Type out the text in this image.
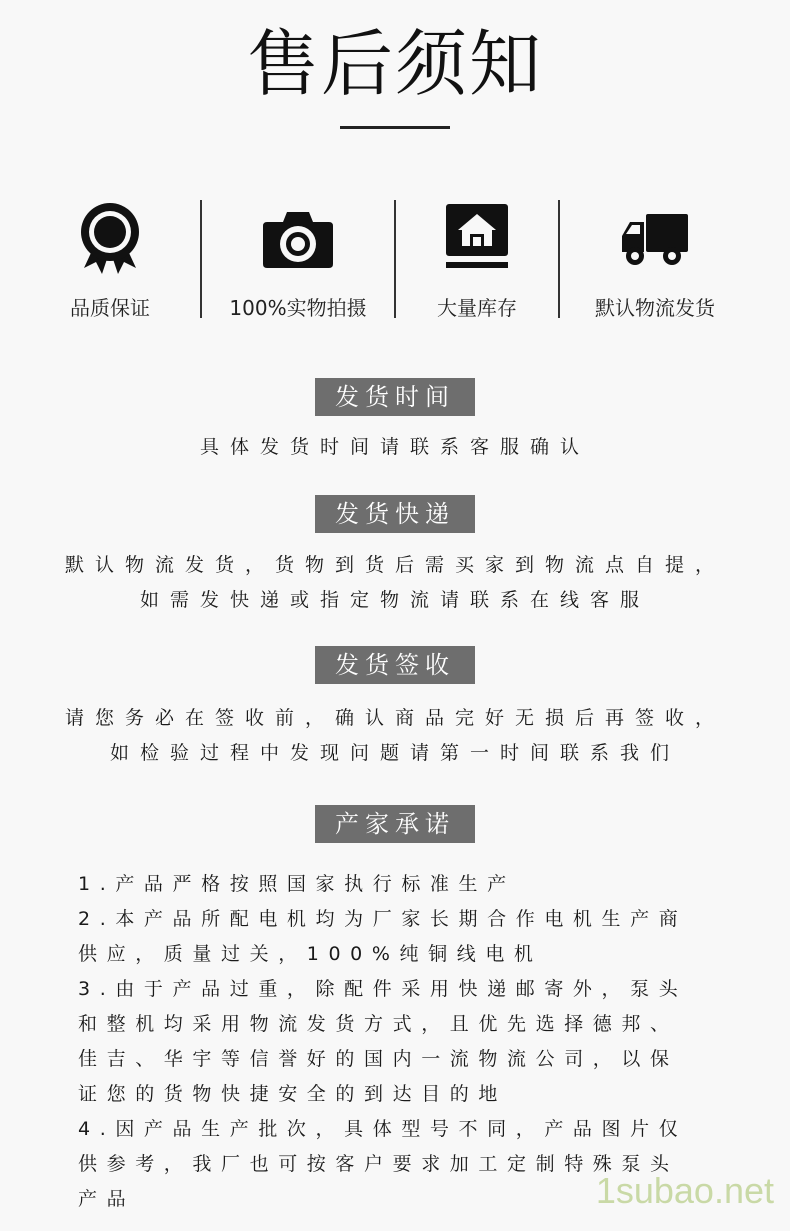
售后须知
品质保证	100%实物拍摄	大量库存	默认物流发货
发货时间
具体发货时间请联系客服确认
发货快递
默认物流发货，货物到货后需买家到物流点自提，
如需发快递或指定物流请联系在线客服
发货签收
请您务必在签收前，确认商品完好无损后再签收，
如检验过程中发现问题请第一时间联系我们
产家承诺
1.产品严格按照国家执行标准生产
2.本产品所配电机均为厂家长期合作电机生产商
供应，质量过关，100%纯铜线电机
3.由于产品过重，除配件采用快递邮寄外，泵头
和整机均采用物流发货方式，且优先选择德邦、
佳吉、华宇等信誉好的国内一流物流公司，以保
证您的货物快捷安全的到达目的地
4.因产品生产批次，具体型号不同，产品图片仅
供参考，我厂也可按客户要求加工定制特殊泵头
产品	1subao.net
